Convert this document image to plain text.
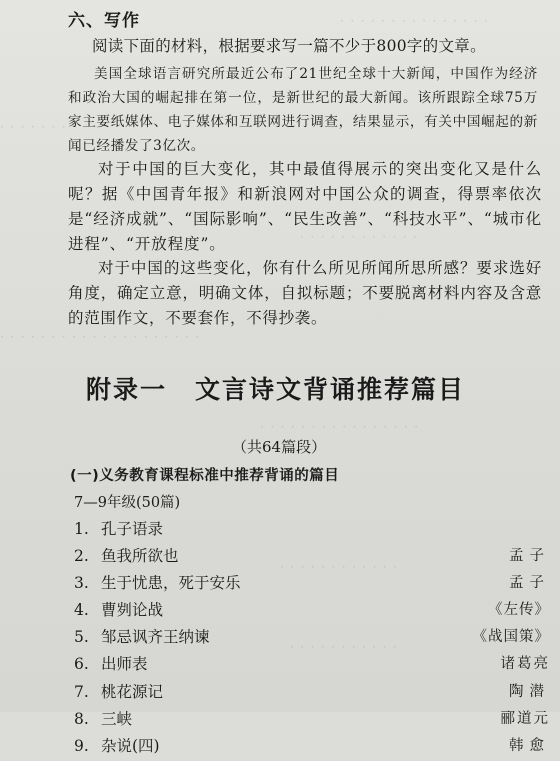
· · · · · · · · · · · · · · ·
· · · · · · ·
· · · · · · · · · · · ·
· · · · · · · · · · · · · · · · · · · ·
· · · · · · · · · · · · · · · ·
· · · · · · · · · · · ·
· · · · · · · · · · ·
六、写作
阅读下面的材料，根据要求写一篇不少于800字的文章。
美国全球语言研究所最近公布了21世纪全球十大新闻，中国作为经济和政治大国的崛起排在第一位，是新世纪的最大新闻。该所跟踪全球75万家主要纸媒体、电子媒体和互联网进行调查，结果显示，有关中国崛起的新闻已经播发了3亿次。
对于中国的巨大变化，其中最值得展示的突出变化又是什么呢？据《中国青年报》和新浪网对中国公众的调查，得票率依次是“经济成就”、“国际影响”、“民生改善”、“科技水平”、“城市化进程”、“开放程度”。
对于中国的这些变化，你有什么所见所闻所思所感？要求选好角度，确定立意，明确文体，自拟标题；不要脱离材料内容及含意的范围作文，不要套作，不得抄袭。
附录一 文言诗文背诵推荐篇目
（共64篇段）
(一)义务教育课程标准中推荐背诵的篇目
7—9年级(50篇)
1. 孔子语录
2. 鱼我所欲也	孟子
3. 生于忧患，死于安乐	孟子
4. 曹刿论战	《左传》
5. 邹忌讽齐王纳谏	《战国策》
6. 出师表	诸葛亮
7. 桃花源记	陶潜
8. 三峡	郦道元
9. 杂说(四)	韩愈
